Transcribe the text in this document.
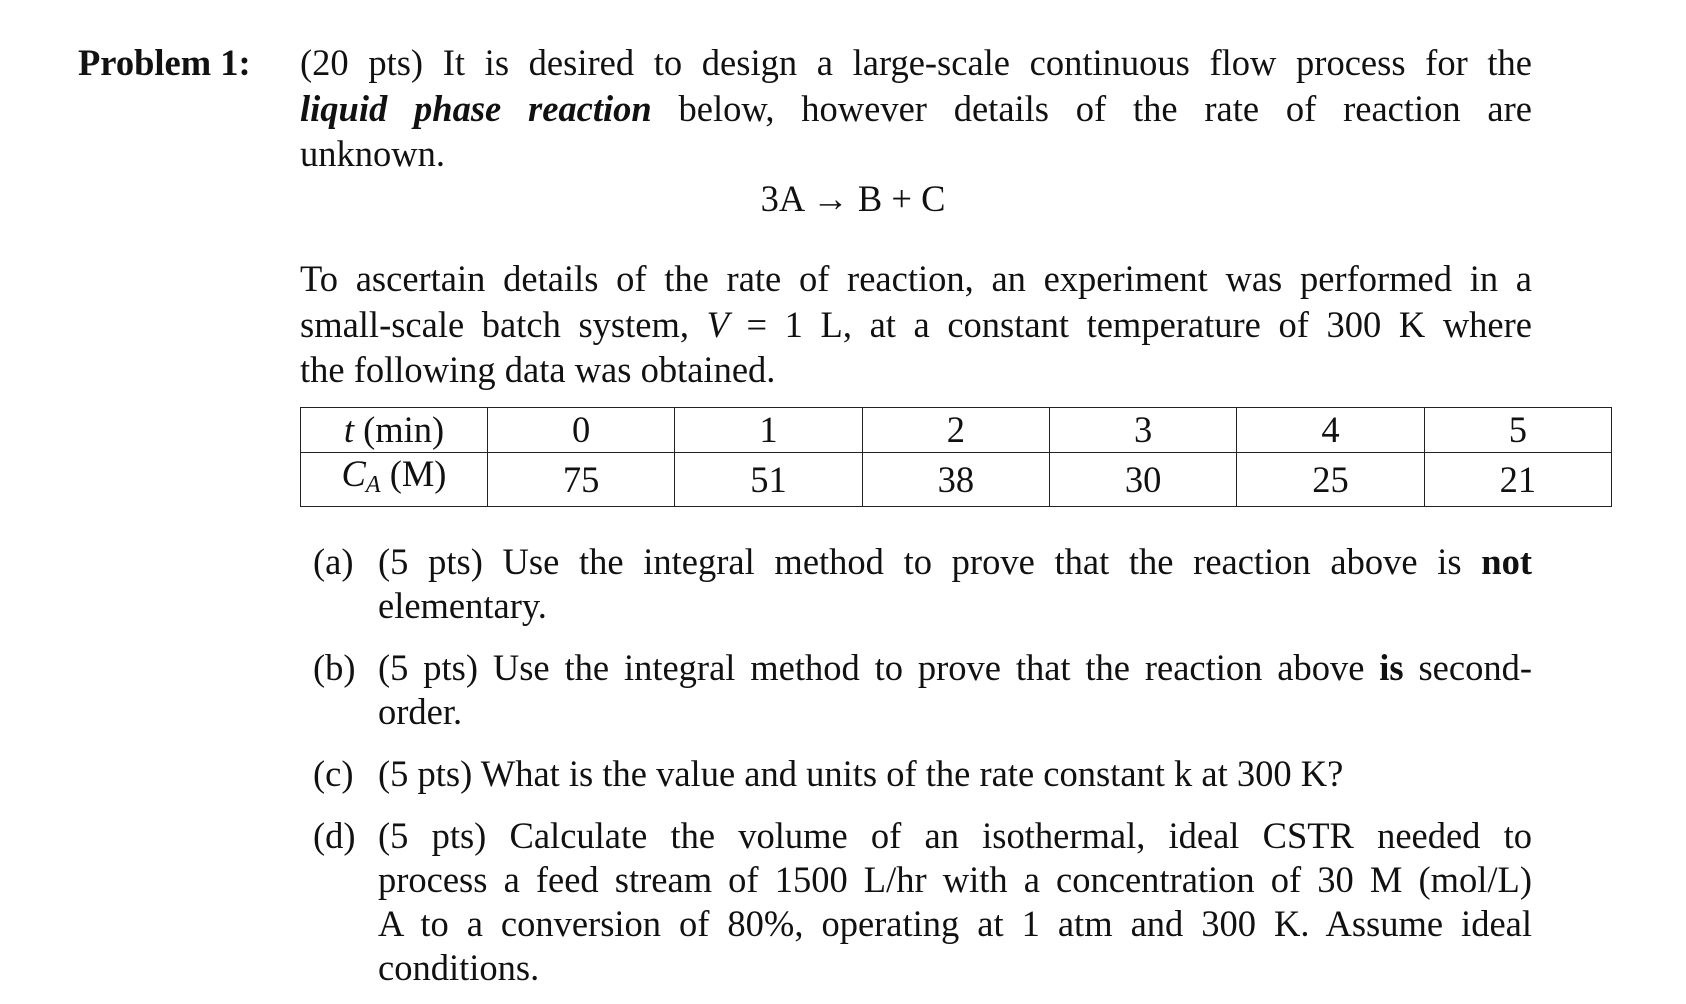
Problem 1: (20 pts) It is desired to design a large-scale continuous flow process for the
liquid phase reaction below, however details of the rate of reaction are
unknown.
3A → B + C
To ascertain details of the rate of reaction, an experiment was performed in a
small-scale batch system, V = 1 L, at a constant temperature of 300 K where
the following data was obtained.
t (min)	0	1	2	3	4	5
$C_A$ (M)	75	51	38	30	25	21
(a) (5 pts) Use the integral method to prove that the reaction above is not
elementary.
(b) (5 pts) Use the integral method to prove that the reaction above is second-
order.
(c) (5 pts) What is the value and units of the rate constant k at 300 K?
(d) (5 pts) Calculate the volume of an isothermal, ideal CSTR needed to
process a feed stream of 1500 L/hr with a concentration of 30 M (mol/L)
A to a conversion of 80%, operating at 1 atm and 300 K. Assume ideal
conditions.
